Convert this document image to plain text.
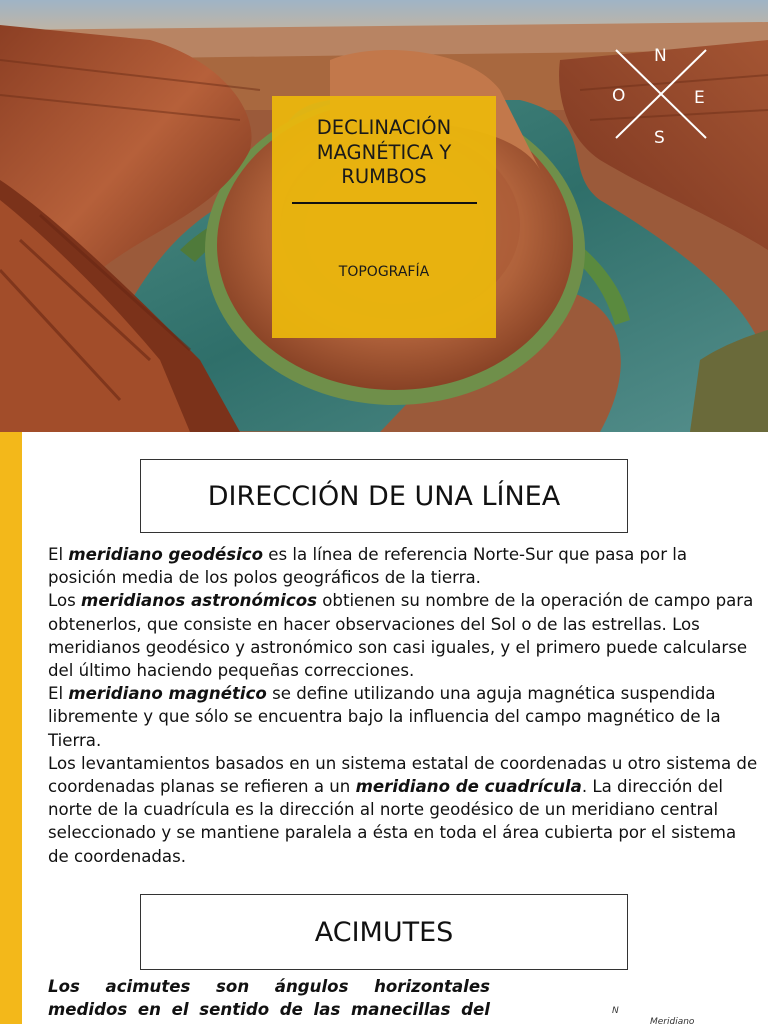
N
O	E
S
DECLINACIÓN MAGNÉTICA Y RUMBOS
TOPOGRAFÍA
DIRECCIÓN DE UNA LÍNEA

El meridiano geodésico es la línea de referencia Norte-Sur que pasa por la posición media de los polos geográficos de la tierra.

Los meridianos astronómicos obtienen su nombre de la operación de campo para obtenerlos, que consiste en hacer observaciones del Sol o de las estrellas. Los meridianos geodésico y astronómico son casi iguales, y el primero puede calcularse del último haciendo pequeñas correcciones.

El meridiano magnético se define utilizando una aguja magnética suspendida libremente y que sólo se encuentra bajo la influencia del campo magnético de la Tierra.

Los levantamientos basados en un sistema estatal de coordenadas u otro sistema de coordenadas planas se refieren a un meridiano de cuadrícula. La dirección del norte de la cuadrícula es la dirección al norte geodésico de un meridiano central seleccionado y se mantiene paralela a ésta en toda el área cubierta por el sistema de coordenadas.

ACIMUTES
Los acimutes son ángulos horizontales medidos en el sentido de las manecillas del	N
Meridiano
